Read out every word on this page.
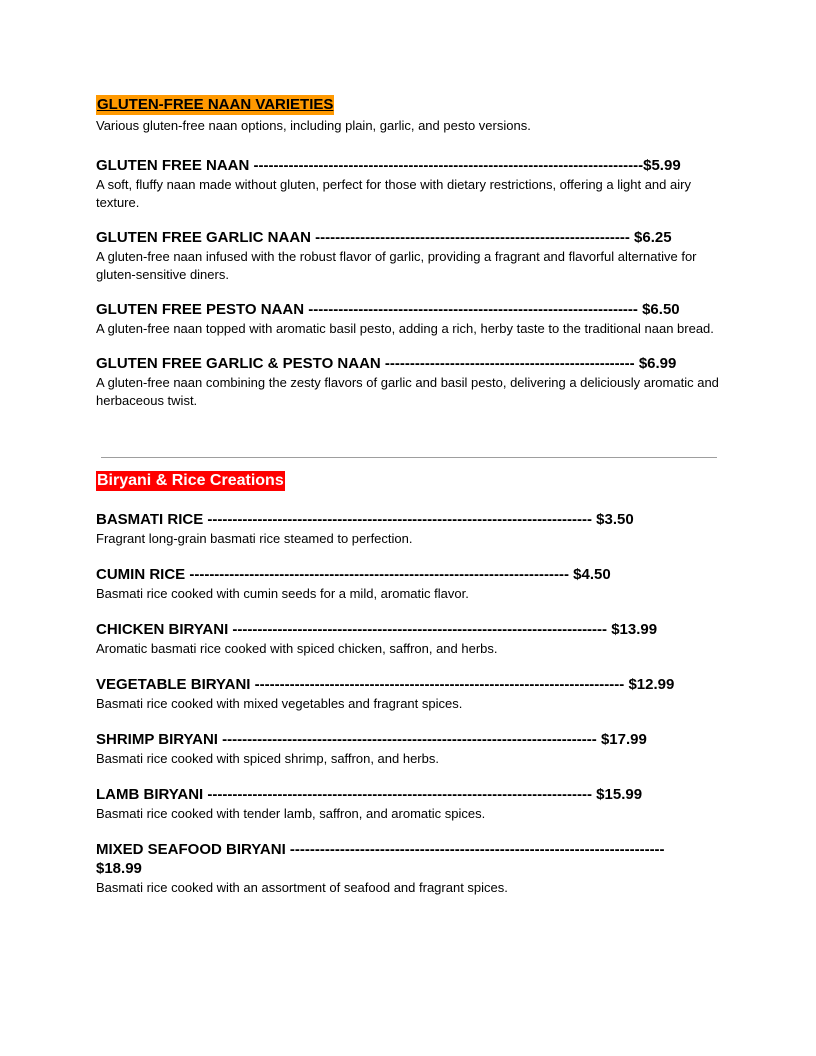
GLUTEN-FREE NAAN VARIETIES
Various gluten-free naan options, including plain, garlic, and pesto versions.
GLUTEN FREE NAAN ------------------------------------------------------------------------------$5.99
A soft, fluffy naan made without gluten, perfect for those with dietary restrictions, offering a light and airy texture.
GLUTEN FREE GARLIC NAAN --------------------------------------------------------------- $6.25
A gluten-free naan infused with the robust flavor of garlic, providing a fragrant and flavorful alternative for gluten-sensitive diners.
GLUTEN FREE PESTO NAAN ------------------------------------------------------------------ $6.50
A gluten-free naan topped with aromatic basil pesto, adding a rich, herby taste to the traditional naan bread.
GLUTEN FREE GARLIC & PESTO NAAN -------------------------------------------------- $6.99
A gluten-free naan combining the zesty flavors of garlic and basil pesto, delivering a deliciously aromatic and herbaceous twist.
Biryani & Rice Creations
BASMATI RICE ----------------------------------------------------------------------------- $3.50
Fragrant long-grain basmati rice steamed to perfection.
CUMIN RICE ---------------------------------------------------------------------------- $4.50
Basmati rice cooked with cumin seeds for a mild, aromatic flavor.
CHICKEN BIRYANI --------------------------------------------------------------------------- $13.99
Aromatic basmati rice cooked with spiced chicken, saffron, and herbs.
VEGETABLE BIRYANI -------------------------------------------------------------------------- $12.99
Basmati rice cooked with mixed vegetables and fragrant spices.
SHRIMP BIRYANI --------------------------------------------------------------------------- $17.99
Basmati rice cooked with spiced shrimp, saffron, and herbs.
LAMB BIRYANI ----------------------------------------------------------------------------- $15.99
Basmati rice cooked with tender lamb, saffron, and aromatic spices.
MIXED SEAFOOD BIRYANI --------------------------------------------------------------------------- $18.99
Basmati rice cooked with an assortment of seafood and fragrant spices.
